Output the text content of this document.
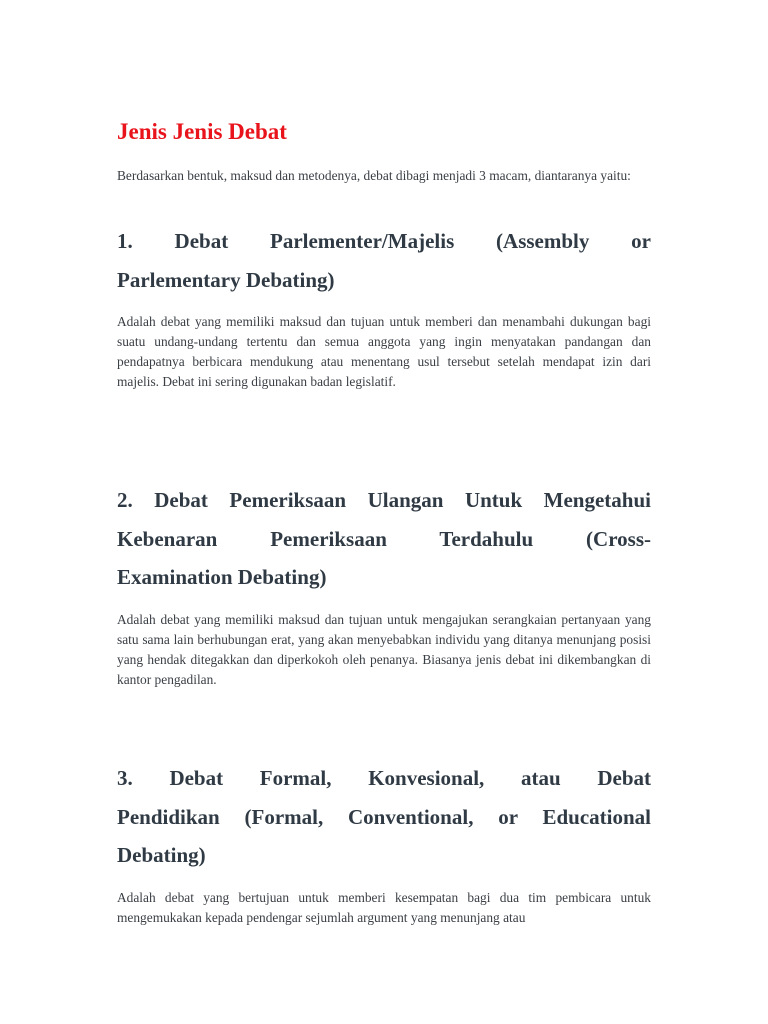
Jenis Jenis Debat

Berdasarkan bentuk, maksud dan metodenya, debat dibagi menjadi 3 macam, diantaranya yaitu:

1. Debat Parlementer/Majelis (Assembly or
Parlementary Debating)

Adalah debat yang memiliki maksud dan tujuan untuk memberi dan menambahi dukungan bagi suatu undang-undang tertentu dan semua anggota yang ingin menyatakan pandangan dan pendapatnya berbicara mendukung atau menentang usul tersebut setelah mendapat izin dari majelis. Debat ini sering digunakan badan legislatif.

2. Debat Pemeriksaan Ulangan Untuk Mengetahui
Kebenaran Pemeriksaan Terdahulu (Cross-
Examination Debating)

Adalah debat yang memiliki maksud dan tujuan untuk mengajukan serangkaian pertanyaan yang satu sama lain berhubungan erat, yang akan menyebabkan individu yang ditanya menunjang posisi yang hendak ditegakkan dan diperkokoh oleh penanya. Biasanya jenis debat ini dikembangkan di kantor pengadilan.

3. Debat Formal, Konvesional, atau Debat
Pendidikan (Formal, Conventional, or Educational
Debating)

Adalah debat yang bertujuan untuk memberi kesempatan bagi dua tim pembicara untuk mengemukakan kepada pendengar sejumlah argument yang menunjang atau
